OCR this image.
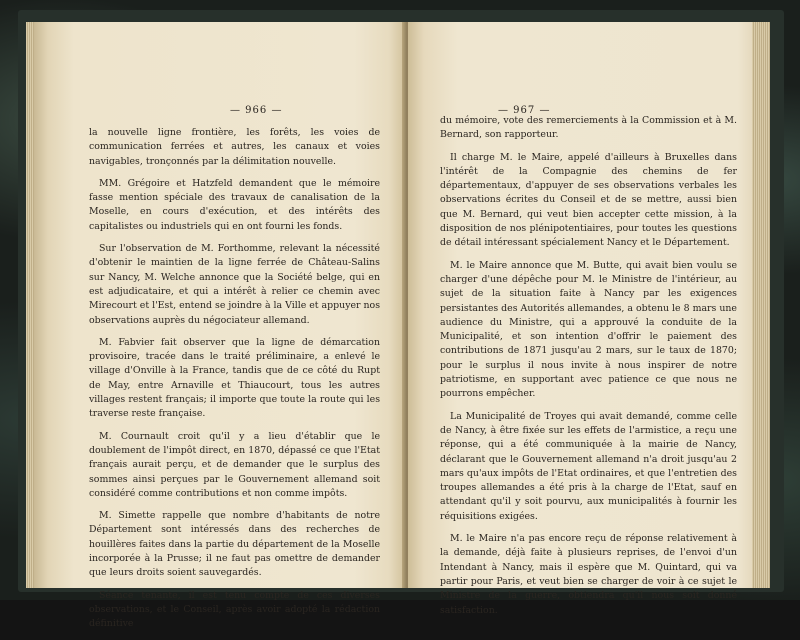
— 966 —

la nouvelle ligne frontière, les forêts, les voies de communication ferrées et autres, les canaux et voies navigables, tronçonnés par la délimitation nouvelle.

MM. Grégoire et Hatzfeld demandent que le mémoire fasse mention spéciale des travaux de canalisation de la Moselle, en cours d'exécution, et des intérêts des capitalistes ou industriels qui en ont fourni les fonds.

Sur l'observation de M. Forthomme, relevant la nécessité d'obtenir le maintien de la ligne ferrée de Château-Salins sur Nancy, M. Welche annonce que la Société belge, qui en est adjudicataire, et qui a intérêt à relier ce chemin avec Mirecourt et l'Est, entend se joindre à la Ville et appuyer nos observations auprès du négociateur allemand.

M. Fabvier fait observer que la ligne de démarcation provisoire, tracée dans le traité préliminaire, a enlevé le village d'Onville à la France, tandis que de ce côté du Rupt de May, entre Arnaville et Thiaucourt, tous les autres villages restent français; il importe que toute la route qui les traverse reste française.

M. Cournault croit qu'il y a lieu d'établir que le doublement de l'impôt direct, en 1870, dépassé ce que l'Etat français aurait perçu, et de demander que le surplus des sommes ainsi perçues par le Gouvernement allemand soit considéré comme contributions et non comme impôts.

M. Simette rappelle que nombre d'habitants de notre Département sont intéressés dans des recherches de houillères faites dans la partie du département de la Moselle incorporée à la Prusse; il ne faut pas omettre de demander que leurs droits soient sauvegardés.

Séance tenante, il est tenu compte de ces diverses observations, et le Conseil, après avoir adopté la rédaction définitive

— 967 —

du mémoire, vote des remerciements à la Commission et à M. Bernard, son rapporteur.

Il charge M. le Maire, appelé d'ailleurs à Bruxelles dans l'intérêt de la Compagnie des chemins de fer départementaux, d'appuyer de ses observations verbales les observations écrites du Conseil et de se mettre, aussi bien que M. Bernard, qui veut bien accepter cette mission, à la disposition de nos plénipotentiaires, pour toutes les questions de détail intéressant spécialement Nancy et le Département.

M. le Maire annonce que M. Butte, qui avait bien voulu se charger d'une dépêche pour M. le Ministre de l'intérieur, au sujet de la situation faite à Nancy par les exigences persistantes des Autorités allemandes, a obtenu le 8 mars une audience du Ministre, qui a approuvé la conduite de la Municipalité, et son intention d'offrir le paiement des contributions de 1871 jusqu'au 2 mars, sur le taux de 1870; pour le surplus il nous invite à nous inspirer de notre patriotisme, en supportant avec patience ce que nous ne pourrons empêcher.

La Municipalité de Troyes qui avait demandé, comme celle de Nancy, à être fixée sur les effets de l'armistice, a reçu une réponse, qui a été communiquée à la mairie de Nancy, déclarant que le Gouvernement allemand n'a droit jusqu'au 2 mars qu'aux impôts de l'Etat ordinaires, et que l'entretien des troupes allemandes a été pris à la charge de l'Etat, sauf en attendant qu'il y soit pourvu, aux municipalités à fournir les réquisitions exigées.

M. le Maire n'a pas encore reçu de réponse relativement à la demande, déjà faite à plusieurs reprises, de l'envoi d'un Intendant à Nancy, mais il espère que M. Quintard, qui va partir pour Paris, et veut bien se charger de voir à ce sujet le Ministre de la guerre, obtiendra qu'il nous soit donné satisfaction.
